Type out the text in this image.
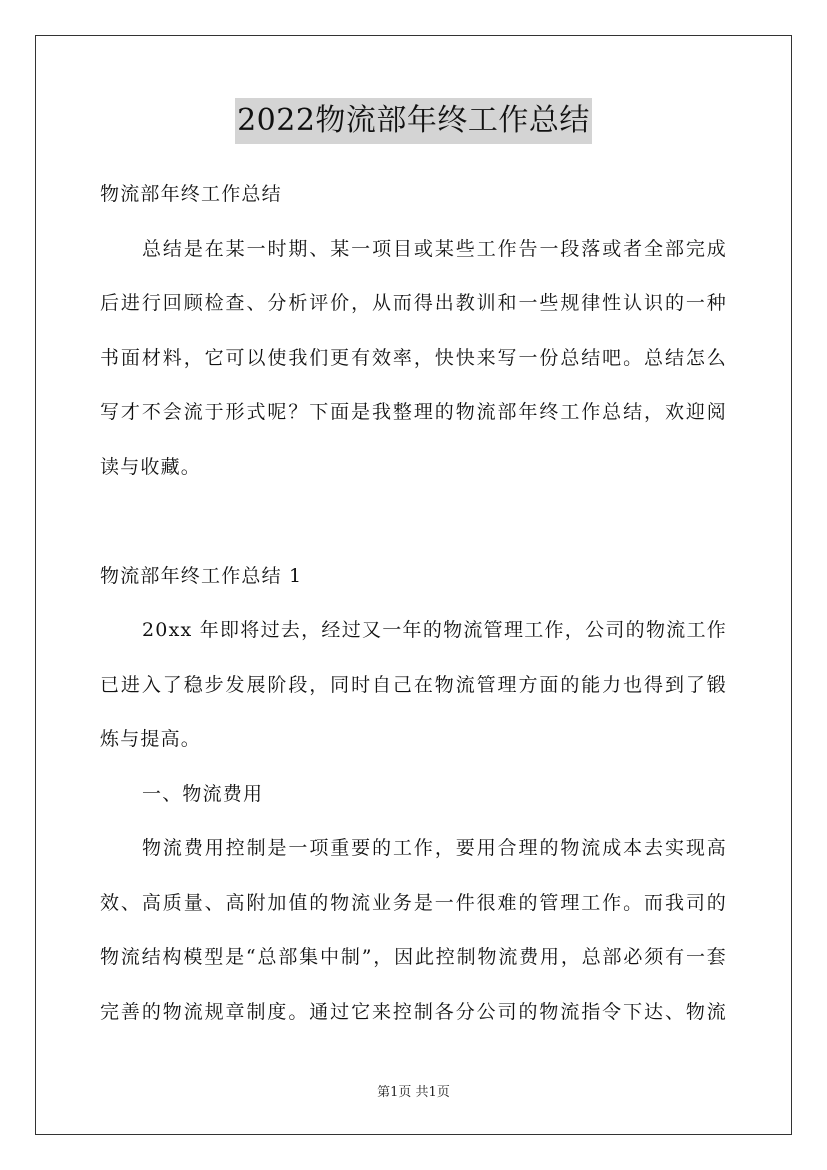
2022物流部年终工作总结
物流部年终工作总结
总结是在某一时期、某一项目或某些工作告一段落或者全部完成
后进行回顾检查、分析评价，从而得出教训和一些规律性认识的一种
书面材料，它可以使我们更有效率，快快来写一份总结吧。总结怎么
写才不会流于形式呢？下面是我整理的物流部年终工作总结，欢迎阅
读与收藏。
物流部年终工作总结 1
20xx 年即将过去，经过又一年的物流管理工作，公司的物流工作
已进入了稳步发展阶段，同时自己在物流管理方面的能力也得到了锻
炼与提高。
一、物流费用
物流费用控制是一项重要的工作，要用合理的物流成本去实现高
效、高质量、高附加值的物流业务是一件很难的管理工作。而我司的
物流结构模型是“总部集中制”，因此控制物流费用，总部必须有一套
完善的物流规章制度。通过它来控制各分公司的物流指令下达、物流
第1页 共1页
